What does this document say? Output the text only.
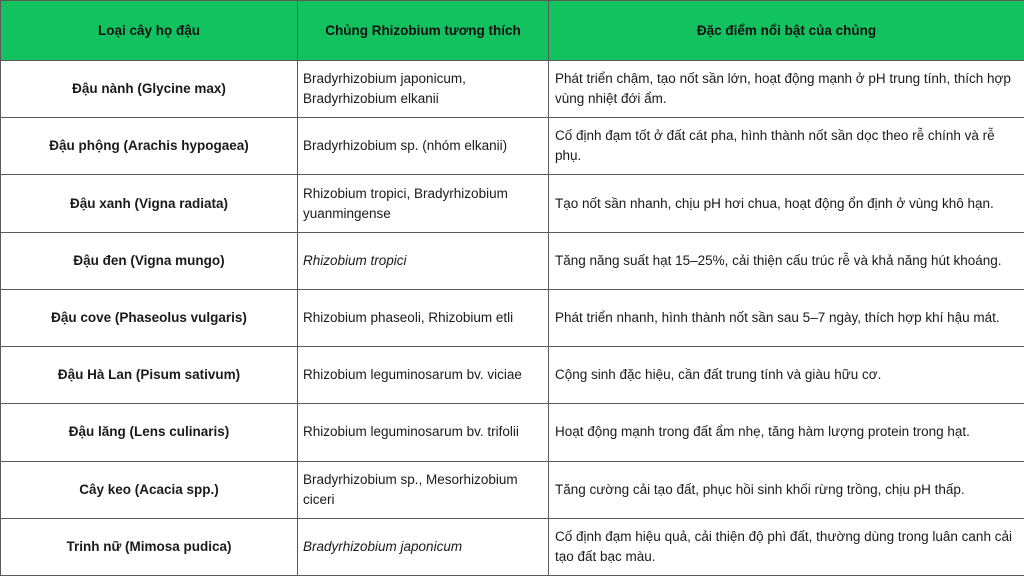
Loại cây họ đậu	Chủng Rhizobium tương thích	Đặc điểm nổi bật của chủng
Đậu nành (Glycine max)	Bradyrhizobium japonicum, Bradyrhizobium elkanii	Phát triển chậm, tạo nốt sần lớn, hoạt động mạnh ở pH trung tính, thích hợp vùng nhiệt đới ẩm.
Đậu phộng (Arachis hypogaea)	Bradyrhizobium sp. (nhóm elkanii)	Cố định đạm tốt ở đất cát pha, hình thành nốt sần dọc theo rễ chính và rễ phụ.
Đậu xanh (Vigna radiata)	Rhizobium tropici, Bradyrhizobium yuanmingense	Tạo nốt sần nhanh, chịu pH hơi chua, hoạt động ổn định ở vùng khô hạn.
Đậu đen (Vigna mungo)	Rhizobium tropici	Tăng năng suất hạt 15–25%, cải thiện cấu trúc rễ và khả năng hút khoáng.
Đậu cove (Phaseolus vulgaris)	Rhizobium phaseoli, Rhizobium etli	Phát triển nhanh, hình thành nốt sần sau 5–7 ngày, thích hợp khí hậu mát.
Đậu Hà Lan (Pisum sativum)	Rhizobium leguminosarum bv. viciae	Cộng sinh đặc hiệu, cần đất trung tính và giàu hữu cơ.
Đậu lăng (Lens culinaris)	Rhizobium leguminosarum bv. trifolii	Hoạt động mạnh trong đất ẩm nhẹ, tăng hàm lượng protein trong hạt.
Cây keo (Acacia spp.)	Bradyrhizobium sp., Mesorhizobium ciceri	Tăng cường cải tạo đất, phục hồi sinh khối rừng trồng, chịu pH thấp.
Trinh nữ (Mimosa pudica)	Bradyrhizobium japonicum	Cố định đạm hiệu quả, cải thiện độ phì đất, thường dùng trong luân canh cải tạo đất bạc màu.
